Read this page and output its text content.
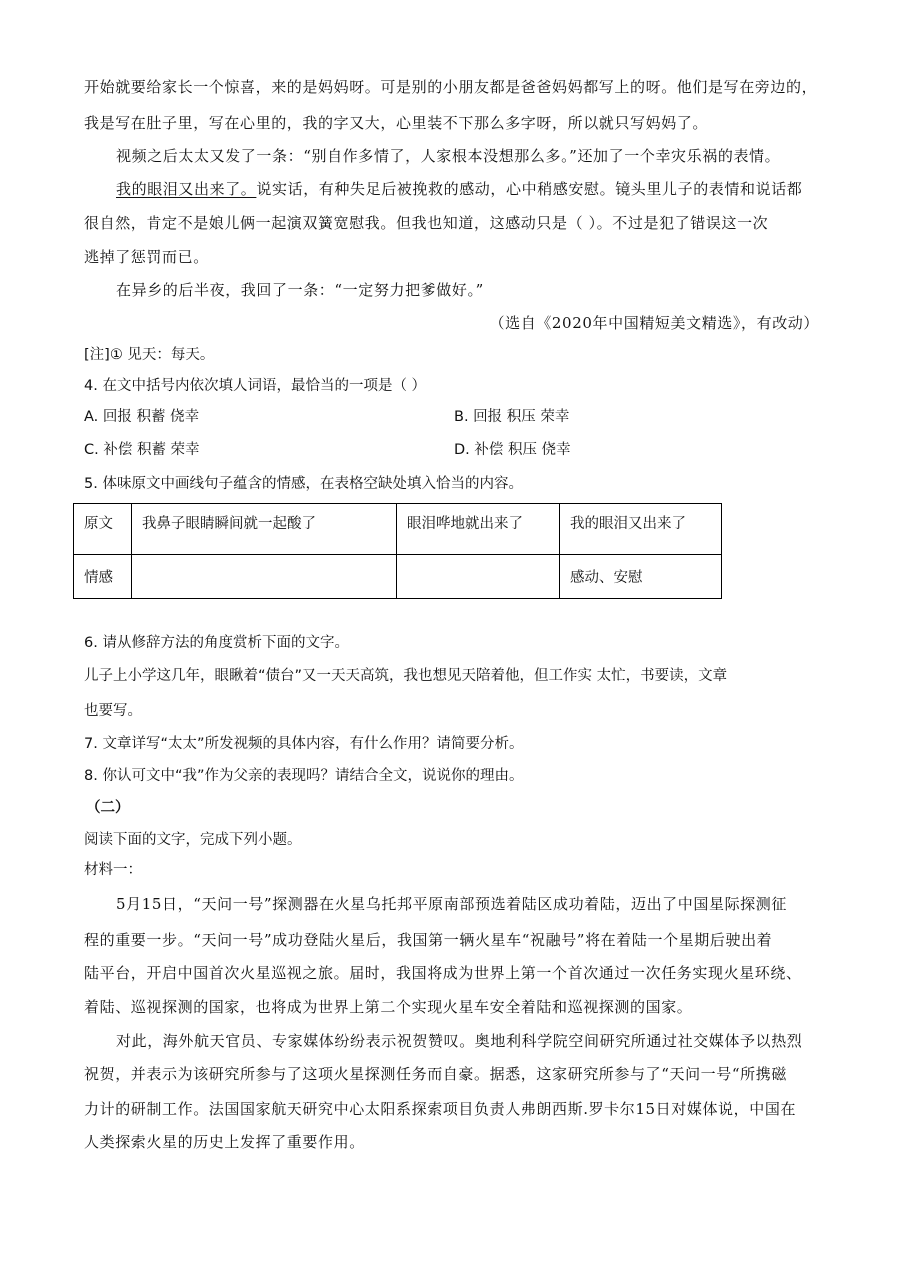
开始就要给家长一个惊喜，来的是妈妈呀。可是别的小朋友都是爸爸妈妈都写上的呀。他们是写在旁边的，
我是写在肚子里，写在心里的，我的字又大，心里装不下那么多字呀，所以就只写妈妈了。
视频之后太太又发了一条：“别自作多情了，人家根本没想那么多。”还加了一个幸灾乐祸的表情。
我的眼泪又出来了。说实话，有种失足后被挽救的感动，心中稍感安慰。镜头里儿子的表情和说话都
很自然，肯定不是娘儿俩一起演双簧宽慰我。但我也知道，这感动只是（ ）。不过是犯了错误这一次
逃掉了惩罚而已。
在异乡的后半夜，我回了一条：“一定努力把爹做好。”
（选自《2020年中国精短美文精选》，有改动）
[注]① 见天：每天。
4. 在文中括号内依次填人词语，最恰当的一项是（ ）
A. 回报 积蓄 侥幸	B. 回报 积压 荣幸
C. 补偿 积蓄 荣幸	D. 补偿 积压 侥幸
5. 体味原文中画线句子蕴含的情感，在表格空缺处填入恰当的内容。
原文	我鼻子眼睛瞬间就一起酸了	眼泪哗地就出来了	我的眼泪又出来了
情感			感动、安慰
6. 请从修辞方法的角度赏析下面的文字。
儿子上小学这几年，眼瞅着“债台”又一天天高筑，我也想见天陪着他，但工作实 太忙，书要读，文章
也要写。
7. 文章详写“太太”所发视频的具体内容，有什么作用？请简要分析。
8. 你认可文中“我”作为父亲的表现吗？请结合全文，说说你的理由。
（二）
阅读下面的文字，完成下列小题。
材料一：
5月15日，“天问一号”探测器在火星乌托邦平原南部预选着陆区成功着陆，迈出了中国星际探测征
程的重要一步。“天问一号”成功登陆火星后，我国第一辆火星车“祝融号”将在着陆一个星期后驶出着
陆平台，开启中国首次火星巡视之旅。届时，我国将成为世界上第一个首次通过一次任务实现火星环绕、
着陆、巡视探测的国家，也将成为世界上第二个实现火星车安全着陆和巡视探测的国家。
对此，海外航天官员、专家媒体纷纷表示祝贺赞叹。奥地利科学院空间研究所通过社交媒体予以热烈
祝贺，并表示为该研究所参与了这项火星探测任务而自豪。据悉，这家研究所参与了“天问一号“所携磁
力计的研制工作。法国国家航天研究中心太阳系探索项目负责人弗朗西斯.罗卡尔15日对媒体说，中国在
人类探索火星的历史上发挥了重要作用。
